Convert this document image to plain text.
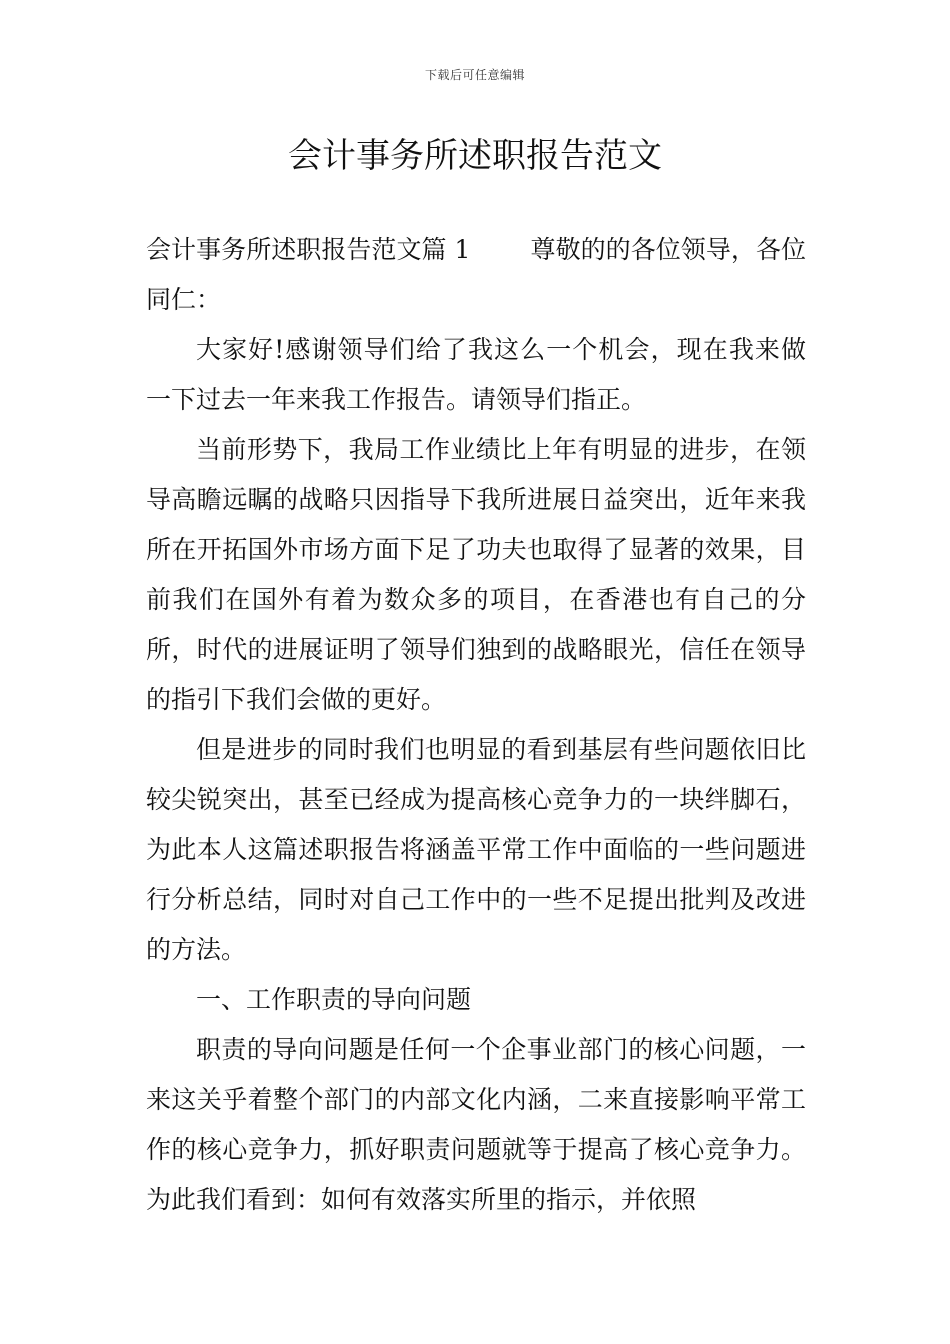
下载后可任意编辑
会计事务所述职报告范文

会计事务所述职报告范文篇 1 尊敬的的各位领导，各位同仁：

大家好!感谢领导们给了我这么一个机会，现在我来做一下过去一年来我工作报告。请领导们指正。

当前形势下，我局工作业绩比上年有明显的进步，在领导高瞻远瞩的战略只因指导下我所进展日益突出，近年来我所在开拓国外市场方面下足了功夫也取得了显著的效果，目前我们在国外有着为数众多的项目，在香港也有自己的分所，时代的进展证明了领导们独到的战略眼光，信任在领导的指引下我们会做的更好。

但是进步的同时我们也明显的看到基层有些问题依旧比较尖锐突出，甚至已经成为提高核心竞争力的一块绊脚石，为此本人这篇述职报告将涵盖平常工作中面临的一些问题进行分析总结，同时对自己工作中的一些不足提出批判及改进的方法。

一、工作职责的导向问题

职责的导向问题是任何一个企事业部门的核心问题，一来这关乎着整个部门的内部文化内涵，二来直接影响平常工作的核心竞争力，抓好职责问题就等于提高了核心竞争力。为此我们看到：如何有效落实所里的指示，并依照
